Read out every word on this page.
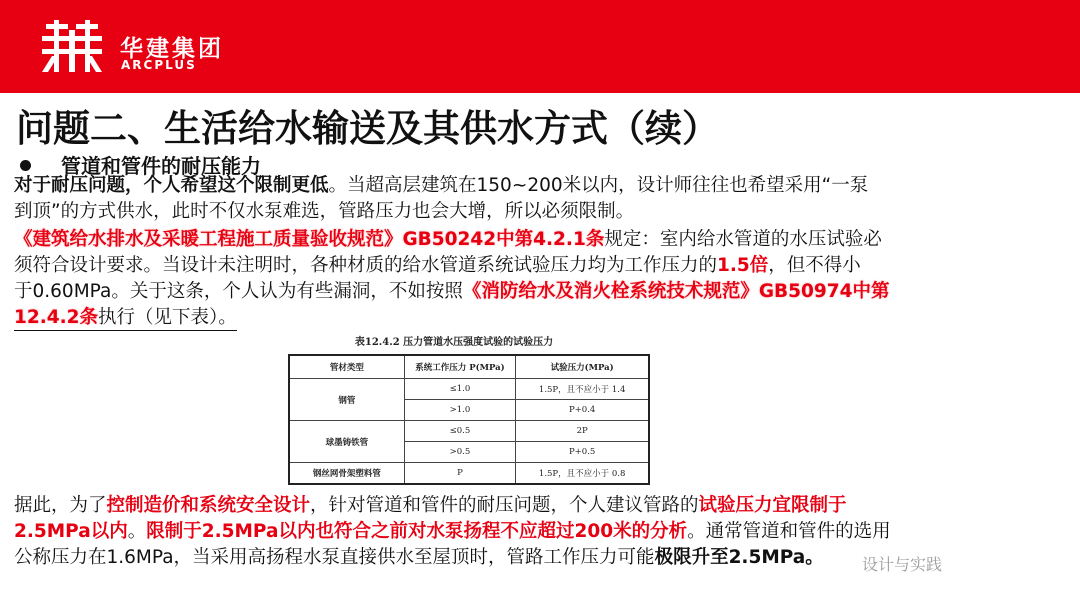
华建集团
ARCPLUS
问题二、生活给水输送及其供水方式（续）
管道和管件的耐压能力
对于耐压问题，个人希望这个限制更低。当超高层建筑在150~200米以内，设计师往往也希望采用“一泵
到顶”的方式供水，此时不仅水泵难选，管路压力也会大增，所以必须限制。
《建筑给水排水及采暖工程施工质量验收规范》GB50242中第4.2.1条规定：室内给水管道的水压试验必
须符合设计要求。当设计未注明时，各种材质的给水管道系统试验压力均为工作压力的1.5倍，但不得小
于0.60MPa。关于这条，个人认为有些漏洞，不如按照《消防给水及消火栓系统技术规范》GB50974中第
12.4.2条执行（见下表）。
表12.4.2 压力管道水压强度试验的试验压力
管材类型	系统工作压力 P(MPa)	试验压力(MPa)
钢管	≤1.0	1.5P，且不应小于 1.4
	>1.0	P+0.4
球墨铸铁管	≤0.5	2P
	>0.5	P+0.5
钢丝网骨架塑料管	P	1.5P，且不应小于 0.8
据此，为了控制造价和系统安全设计，针对管道和管件的耐压问题，个人建议管路的试验压力宜限制于
2.5MPa以内。限制于2.5MPa以内也符合之前对水泵扬程不应超过200米的分析。通常管道和管件的选用
公称压力在1.6MPa，当采用高扬程水泵直接供水至屋顶时，管路工作压力可能极限升至2.5MPa。	设计与实践
